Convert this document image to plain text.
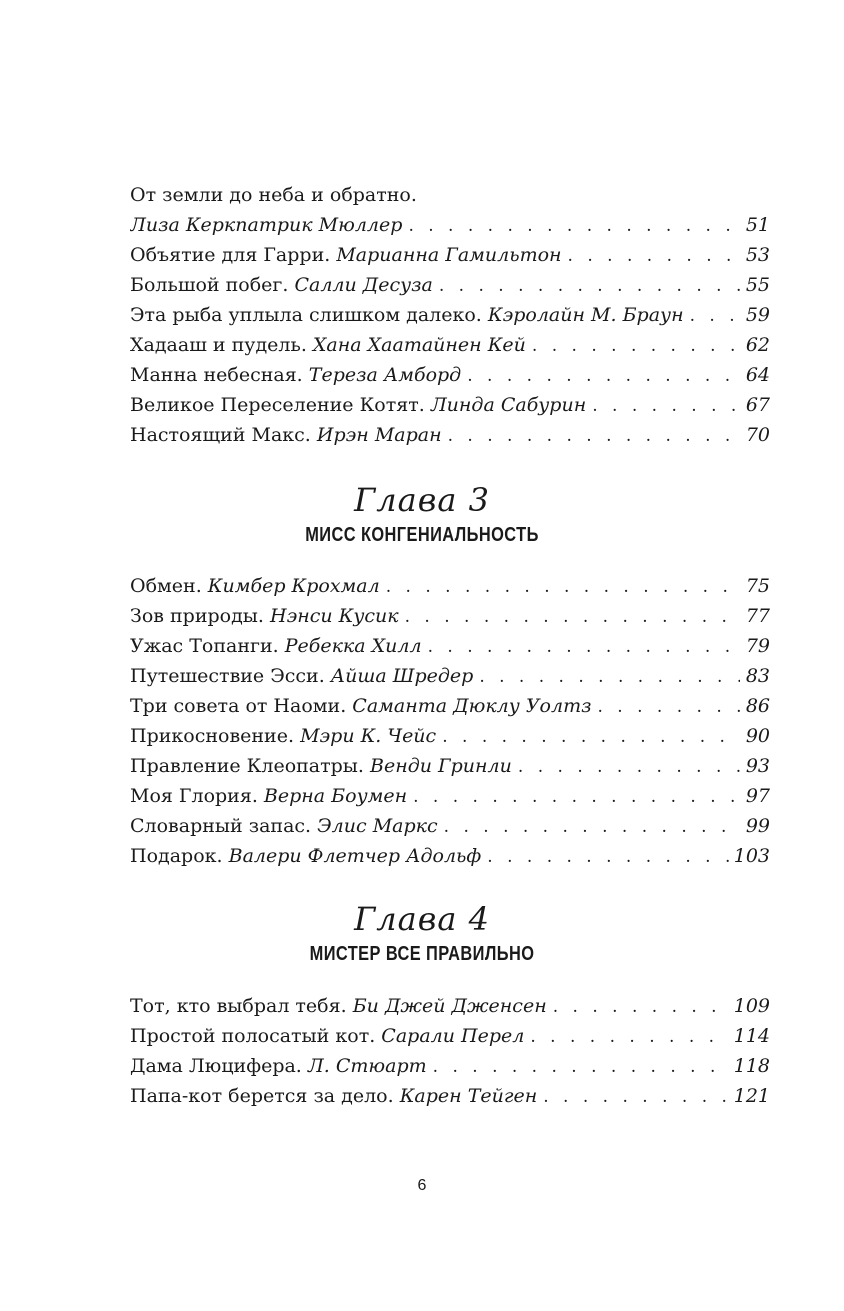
От земли до неба и обратно.
Лиза Керкпатрик Мюллер . . .	51
Объятие для Гарри. Марианна Гамильтон . . .	53
Большой побег. Салли Десуза . . .	55
Эта рыба уплыла слишком далеко. Кэролайн М. Браун . . .	59
Хадааш и пудель. Хана Хаатайнен Кей . . .	62
Манна небесная. Тереза Амборд . . .	64
Великое Переселение Котят. Линда Сабурин . . .	67
Настоящий Макс. Ирэн Маран . . .	70
Глава 3
МИСС КОНГЕНИАЛЬНОСТЬ
Обмен. Кимбер Крохмал . . .	75
Зов природы. Нэнси Кусик . . .	77
Ужас Топанги. Ребекка Хилл . . .	79
Путешествие Эсси. Айша Шредер . . .	83
Три совета от Наоми. Саманта Дюклу Уолтз . . .	86
Прикосновение. Мэри К. Чейс . . .	90
Правление Клеопатры. Венди Гринли . . .	93
Моя Глория. Верна Боумен . . .	97
Словарный запас. Элис Маркс . . .	99
Подарок. Валери Флетчер Адольф . . .	103
Глава 4
МИСТЕР ВСЕ ПРАВИЛЬНО
Тот, кто выбрал тебя. Би Джей Дженсен . . .	109
Простой полосатый кот. Сарали Перел . . .	114
Дама Люцифера. Л. Стюарт . . .	118
Папа-кот берется за дело. Карен Тейген . . .	121
6
